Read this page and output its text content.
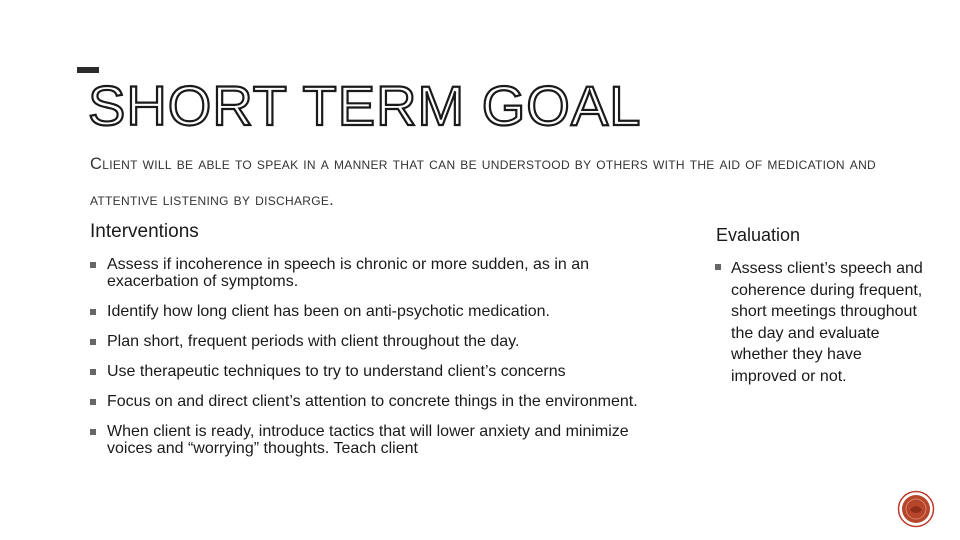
SHORT TERM GOAL
Client will be able to speak in a manner that can be understood by others with the aid of medication and attentive listening by discharge.
Interventions
Assess if incoherence in speech is chronic or more sudden, as in an exacerbation of symptoms.
Identify how long client has been on anti-psychotic medication.
Plan short, frequent periods with client throughout the day.
Use therapeutic techniques to try to understand client’s concerns
Focus on and direct client’s attention to concrete things in the environment.
When client is ready, introduce tactics that will lower anxiety and minimize voices and “worrying” thoughts. Teach client
Evaluation
Assess client’s speech and coherence during frequent, short meetings throughout the day and evaluate whether they have improved or not.
